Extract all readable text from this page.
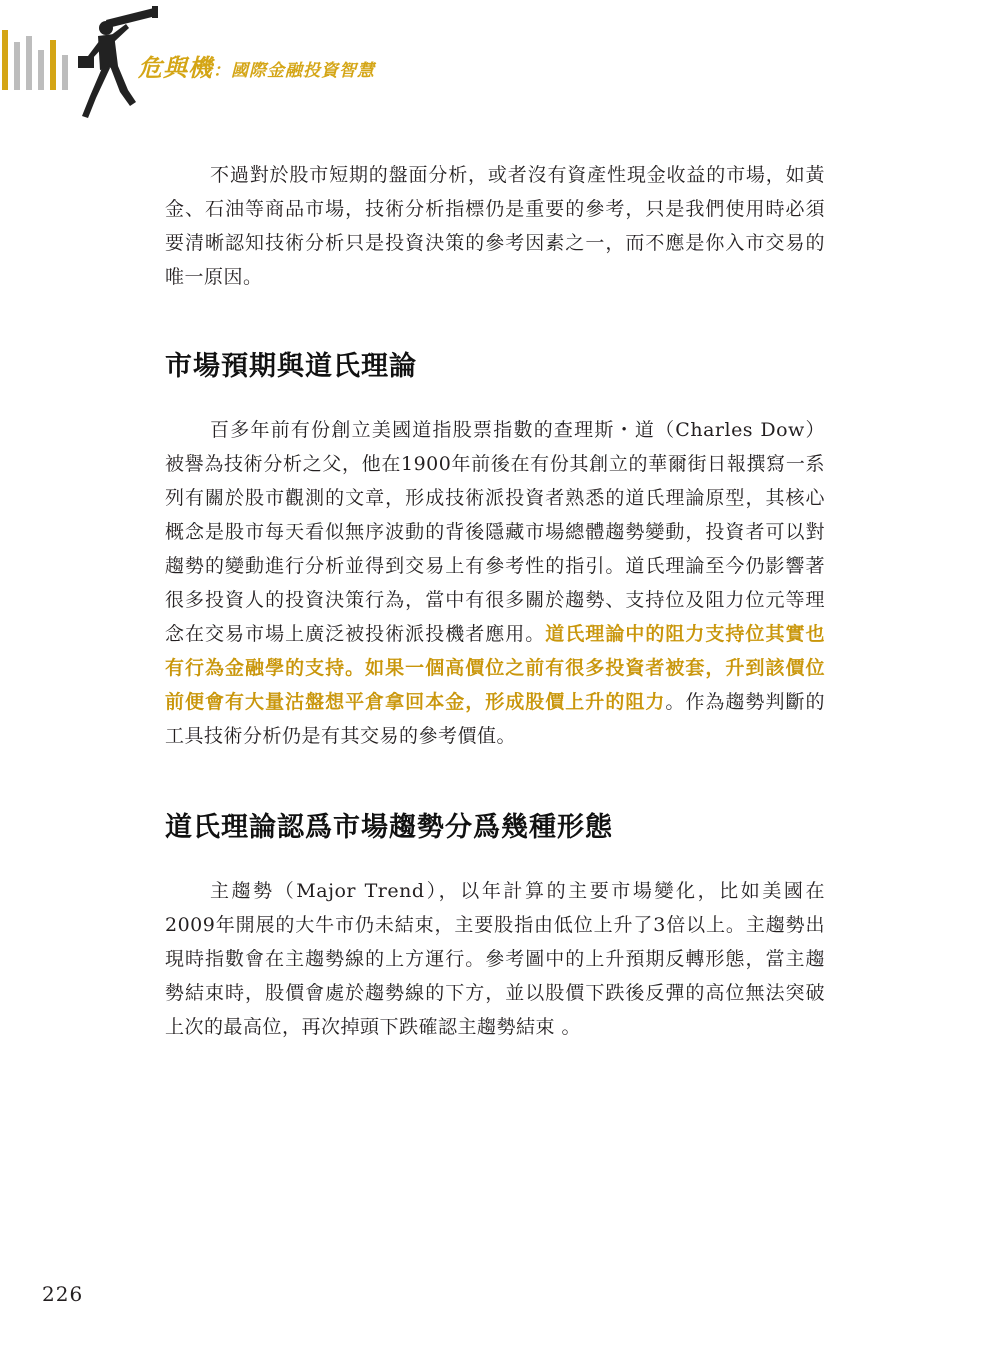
危與機 ：國際金融投資智慧

不過對於股市短期的盤面分析，或者沒有資產性現金收益的市場，如黃金、石油等商品市場，技術分析指標仍是重要的參考，只是我們使用時必須要清晰認知技術分析只是投資決策的參考因素之一，而不應是你入市交易的唯一原因。

市場預期與道氏理論

百多年前有份創立美國道指股票指數的查理斯・道（Charles Dow）被譽為技術分析之父，他在1900年前後在有份其創立的華爾街日報撰寫一系列有關於股市觀測的文章，形成技術派投資者熟悉的道氏理論原型，其核心概念是股市每天看似無序波動的背後隱藏市場總體趨勢變動，投資者可以對趨勢的變動進行分析並得到交易上有參考性的指引。道氏理論至今仍影響著很多投資人的投資決策行為，當中有很多關於趨勢、支持位及阻力位元等理念在交易市場上廣泛被投術派投機者應用。道氏理論中的阻力支持位其實也有行為金融學的支持。如果一個高價位之前有很多投資者被套，升到該價位前便會有大量沽盤想平倉拿回本金，形成股價上升的阻力。作為趨勢判斷的工具技術分析仍是有其交易的參考價值。

道氏理論認爲市場趨勢分爲幾種形態

主趨勢（Major Trend），以年計算的主要市場變化，比如美國在2009年開展的大牛市仍未結束，主要股指由低位上升了3倍以上。主趨勢出現時指數會在主趨勢線的上方運行。參考圖中的上升預期反轉形態，當主趨勢結束時，股價會處於趨勢線的下方，並以股價下跌後反彈的高位無法突破上次的最高位，再次掉頭下跌確認主趨勢結束 。

226
